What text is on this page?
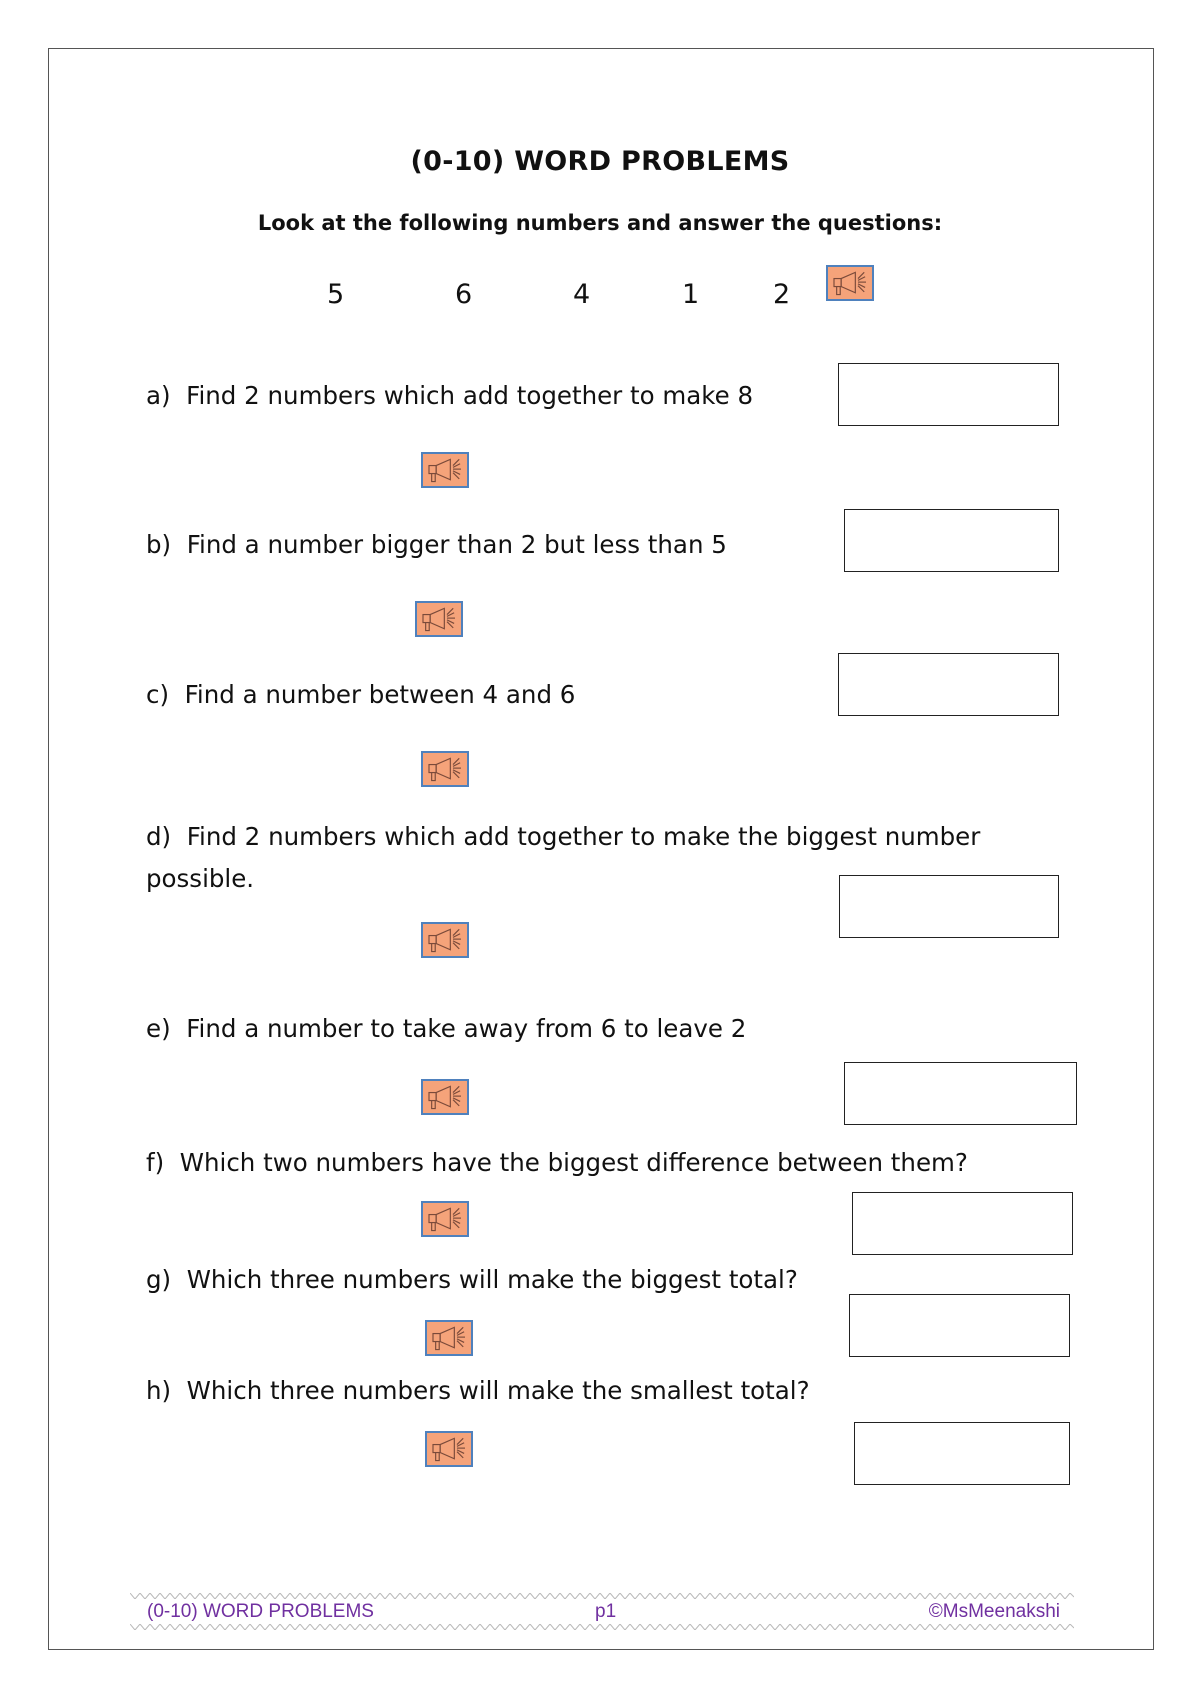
(0-10) WORD PROBLEMS
Look at the following numbers and answer the questions:
5	6	4	1	2
a) Find 2 numbers which add together to make 8
b) Find a number bigger than 2 but less than 5
c) Find a number between 4 and 6
d) Find 2 numbers which add together to make the biggest number
possible.
e) Find a number to take away from 6 to leave 2
f) Which two numbers have the biggest difference between them?
g) Which three numbers will make the biggest total?
h) Which three numbers will make the smallest total?
(0-10) WORD PROBLEMS	p1	©MsMeenakshi
